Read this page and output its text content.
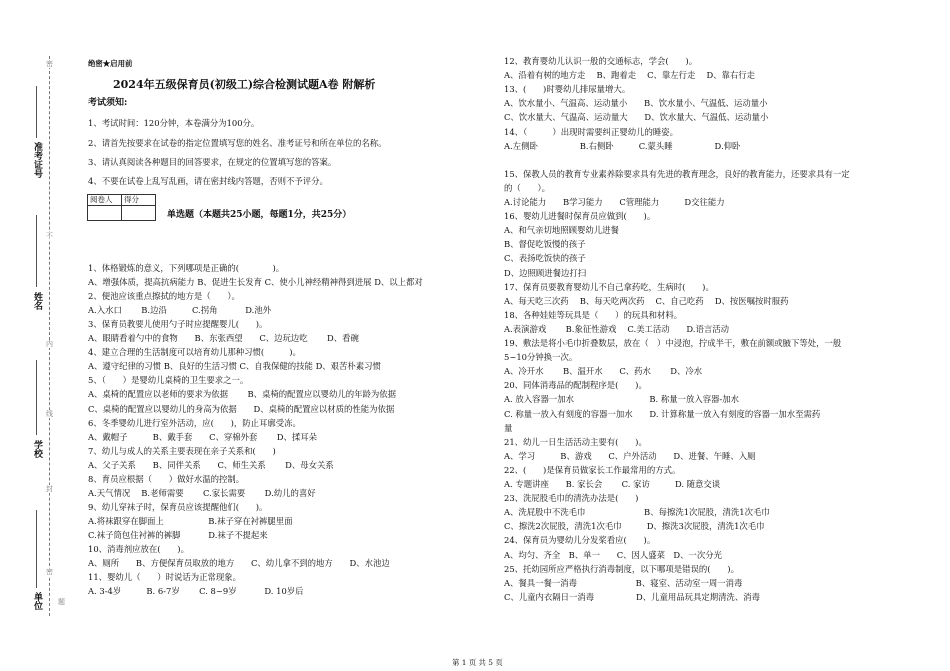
密
准考证号
不
姓名
内
线
学校
封
密
单位 题
绝密★启用前
2024年五级保育员(初级工)综合检测试题A卷 附解析
考试须知:
1、考试时间：120分钟，本卷满分为100分。
2、请首先按要求在试卷的指定位置填写您的姓名、准考证号和所在单位的名称。
3、请认真阅读各种题目的回答要求，在规定的位置填写您的答案。
4、不要在试卷上乱写乱画，请在密封线内答题，否则不予评分。
阅卷人	得分

单选题（本题共25小题，每题1分，共25分）
1、体格锻炼的意义，下列哪项是正确的(　　　　)。
A、增强体质，提高抗病能力 B、促进生长发育 C、使小儿神经精神得到进展 D、以上都对
2、便池应该重点擦拭的地方是（　　）。
A.入水口　　 B.边沿　　　C.拐角　　　 D.池外
3、保育员教要儿使用勺子时应提醒婴儿(　　)。
A、眼睛看着勺中的食物　　B、东张西望　　C、边玩边吃　　 D、看碗
4、建立合理的生活制度可以培育幼儿那种习惯(　　　)。
A、遵守纪律的习惯 B、良好的生活习惯 C、自我保健的技能 D、艰苦朴素习惯
5、（　　）是婴幼儿桌椅的卫生要求之一。
A、桌椅的配置应以老师的要求为依据　　 B、桌椅的配置应以婴幼儿的年龄为依据
C、桌椅的配置应以婴幼儿的身高为依据　　D、桌椅的配置应以材质的性能为依据
6、冬季婴幼儿进行室外活动，应(　　)，防止耳廓受冻。
A、戴帽子　　　B、戴手套　　C、穿棉外套　　 D、揉耳朵
7、幼儿与成人的关系主要表现在亲子关系和(　　)
A、父子关系　　B、同伴关系　　C、师生关系　　 D、母女关系
8、育员应根据（　　）做好水温的控制。
A.天气情况　 B.老师需要　　 C.家长需要　　 D.幼儿的喜好
9、幼儿穿袜子时，保育员应该提醒他们(　　)。
A.将袜跟穿在脚面上　　　　　 B.袜子穿在衬裤腿里面
C.袜子筒包住衬裤的裤脚　　　 D.袜子不提起来
10、消毒剂应放在(　　)。
A、厕所　　B、方便保育员取放的地方　　C、幼儿拿不到的地方　　D、水池边
11、婴幼儿（　　）时说话为正常现象。
A. 3-4岁　　　B. 6-7岁　　 C. 8~9岁　　　 D. 10岁后
12、教育婴幼儿认识一般的交通标志，学会(　　)。
A、沿着有树的地方走　 B、跑着走　 C、靠左行走　 D、靠右行走
13、(　　)时婴幼儿排尿量增大。
A、饮水量小、气温高、运动量小　　B、饮水量小、气温低、运动量小
C、饮水量大、气温高、运动量大　　D、饮水量大、气温低、运动量小
14、（　　　）出现时需要纠正婴幼儿的睡姿。
A.左侧卧　　　　　B.右侧卧　　　C.蒙头睡　　　　　D.仰卧
15、保教人员的教育专业素养除要求具有先进的教育理念，良好的教育能力，还要求具有一定
的（　　）。
A.讨论能力　　B学习能力　　C管理能力　　　D交往能力
16、婴幼儿进餐时保育员应做到(　　)。
A、和气亲切地照顾婴幼儿进餐
B、督促吃饭慢的孩子
C、表扬吃饭快的孩子
D、边照顾进餐边打扫
17、保育员要教育婴幼儿不自己拿药吃，生病时(　　)。
A、每天吃三次药　 B、每天吃两次药　 C、自己吃药　 D、按医嘱按时服药
18、各种娃娃等玩具是（　　）的玩具和材料。
A.表演游戏　　 B.象征性游戏　 C.美工活动　　D.语言活动
19、敷法是将小毛巾折叠数层，放在（　）中浸泡，拧成半干，敷在前额或腋下等处，一般
5~10分钟换一次。
A、冷开水　　 B、温开水　　C、药水　　 D、冷水
20、同体消毒品的配制程序是(　　)。
A. 放入容器一加水　　　　　　　　　B. 称量一放入容器-加水
C. 称量一放入有刻度的容器一加水　　D. 计算称量一放入有刻度的容器一加水至需药
量
21、幼儿一日生活活动主要有(　　)。
A、学习　　　B、游戏　　C、户外活动　　D、进餐、午睡、入厕
22、(　　)是保育员做家长工作最常用的方式。
A. 专题讲座　　B. 家长会　　 C. 家访　　　D. 随意交谈
23、洗屁股毛巾的清洗办法是(　　)
A、洗屁股中不洗毛巾　　　　　　　B、每擦洗1次屁股，清洗1次毛巾
C、擦洗2次屁股，清洗1次毛巾　　　D、擦洗3次屁股，清洗1次毛巾
24、保育员为婴幼儿分发桨看应(　　)。
A、均匀、齐全　B、单一　　C、因人盛菜　D、一次分光
25、托幼园所应严格执行消毒制度，以下哪项是错误的(　　)。
A、餐具一餐一消毒　　　　　　　B、寝室、活动室一周一消毒
C、儿童内衣隔日一消毒　　　　　D、儿童用品玩具定期清洗、消毒
第 1 页 共 5 页
